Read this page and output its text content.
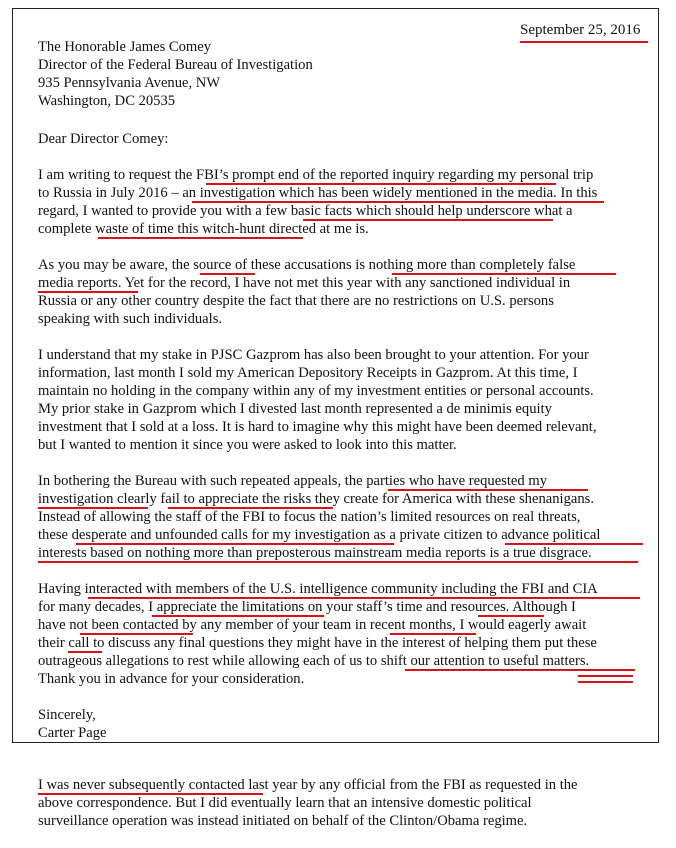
September 25, 2016
The Honorable James Comey
Director of the Federal Bureau of Investigation
935 Pennsylvania Avenue, NW
Washington, DC 20535
Dear Director Comey:
I am writing to request the FBI’s prompt end of the reported inquiry regarding my personal trip
to Russia in July 2016 – an investigation which has been widely mentioned in the media. In this
regard, I wanted to provide you with a few basic facts which should help underscore what a
complete waste of time this witch-hunt directed at me is.
As you may be aware, the source of these accusations is nothing more than completely false
media reports. Yet for the record, I have not met this year with any sanctioned individual in
Russia or any other country despite the fact that there are no restrictions on U.S. persons
speaking with such individuals.
I understand that my stake in PJSC Gazprom has also been brought to your attention. For your
information, last month I sold my American Depository Receipts in Gazprom. At this time, I
maintain no holding in the company within any of my investment entities or personal accounts.
My prior stake in Gazprom which I divested last month represented a de minimis equity
investment that I sold at a loss. It is hard to imagine why this might have been deemed relevant,
but I wanted to mention it since you were asked to look into this matter.
In bothering the Bureau with such repeated appeals, the parties who have requested my
investigation clearly fail to appreciate the risks they create for America with these shenanigans.
Instead of allowing the staff of the FBI to focus the nation’s limited resources on real threats,
these desperate and unfounded calls for my investigation as a private citizen to advance political
interests based on nothing more than preposterous mainstream media reports is a true disgrace.
Having interacted with members of the U.S. intelligence community including the FBI and CIA
for many decades, I appreciate the limitations on your staff’s time and resources. Although I
have not been contacted by any member of your team in recent months, I would eagerly await
their call to discuss any final questions they might have in the interest of helping them put these
outrageous allegations to rest while allowing each of us to shift our attention to useful matters.
Thank you in advance for your consideration.
Sincerely,
Carter Page
I was never subsequently contacted last year by any official from the FBI as requested in the
above correspondence. But I did eventually learn that an intensive domestic political
surveillance operation was instead initiated on behalf of the Clinton/Obama regime.
